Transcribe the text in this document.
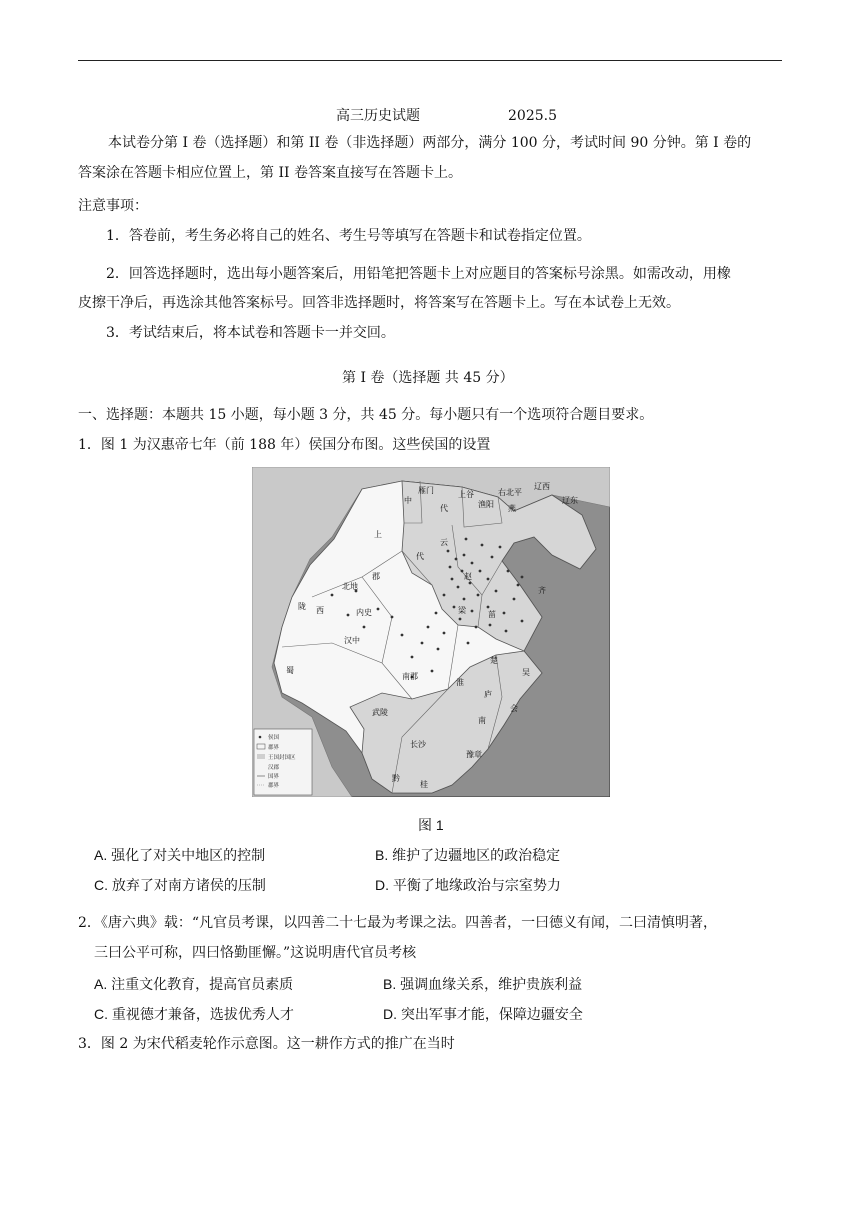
高三历史试题	2025.5
本试卷分第 I 卷（选择题）和第 II 卷（非选择题）两部分，满分 100 分，考试时间 90 分钟。第 I 卷的
答案涂在答题卡相应位置上，第 II 卷答案直接写在答题卡上。
注意事项：
1．答卷前，考生务必将自己的姓名、考生号等填写在答题卡和试卷指定位置。
2．回答选择题时，选出每小题答案后，用铅笔把答题卡上对应题目的答案标号涂黑。如需改动，用橡
皮擦干净后，再选涂其他答案标号。回答非选择题时，将答案写在答题卡上。写在本试卷上无效。
3．考试结束后，将本试卷和答题卡一并交回。
第 I 卷（选择题 共 45 分）
一、选择题：本题共 15 小题，每小题 3 分，共 45 分。每小题只有一个选项符合题目要求。
1．图 1 为汉惠帝七年（前 188 年）侯国分布图。这些侯国的设置
中
雁门
代
上谷
渔阳
右北平
辽西
辽东
燕
上
云
代
赵
北地
郡
陇 西	内史	梁
齐
菑
汉中
蜀
南郡
淮
楚
吴
庐
武陵
长沙
南
桂
豫章
黔
会
侯国
郡界
王国封国区
汉郡
国界
郡界
图 1
A. 强化了对关中地区的控制	B. 维护了边疆地区的政治稳定
C. 放弃了对南方诸侯的压制	D. 平衡了地缘政治与宗室势力
2．《唐六典》载：“凡官员考课，以四善二十七最为考课之法。四善者，一曰德义有闻，二曰清慎明著，
三曰公平可称，四曰恪勤匪懈。”这说明唐代官员考核
A. 注重文化教育，提高官员素质	B. 强调血缘关系，维护贵族利益
C. 重视德才兼备，选拔优秀人才	D. 突出军事才能，保障边疆安全
3．图 2 为宋代稻麦轮作示意图。这一耕作方式的推广在当时
